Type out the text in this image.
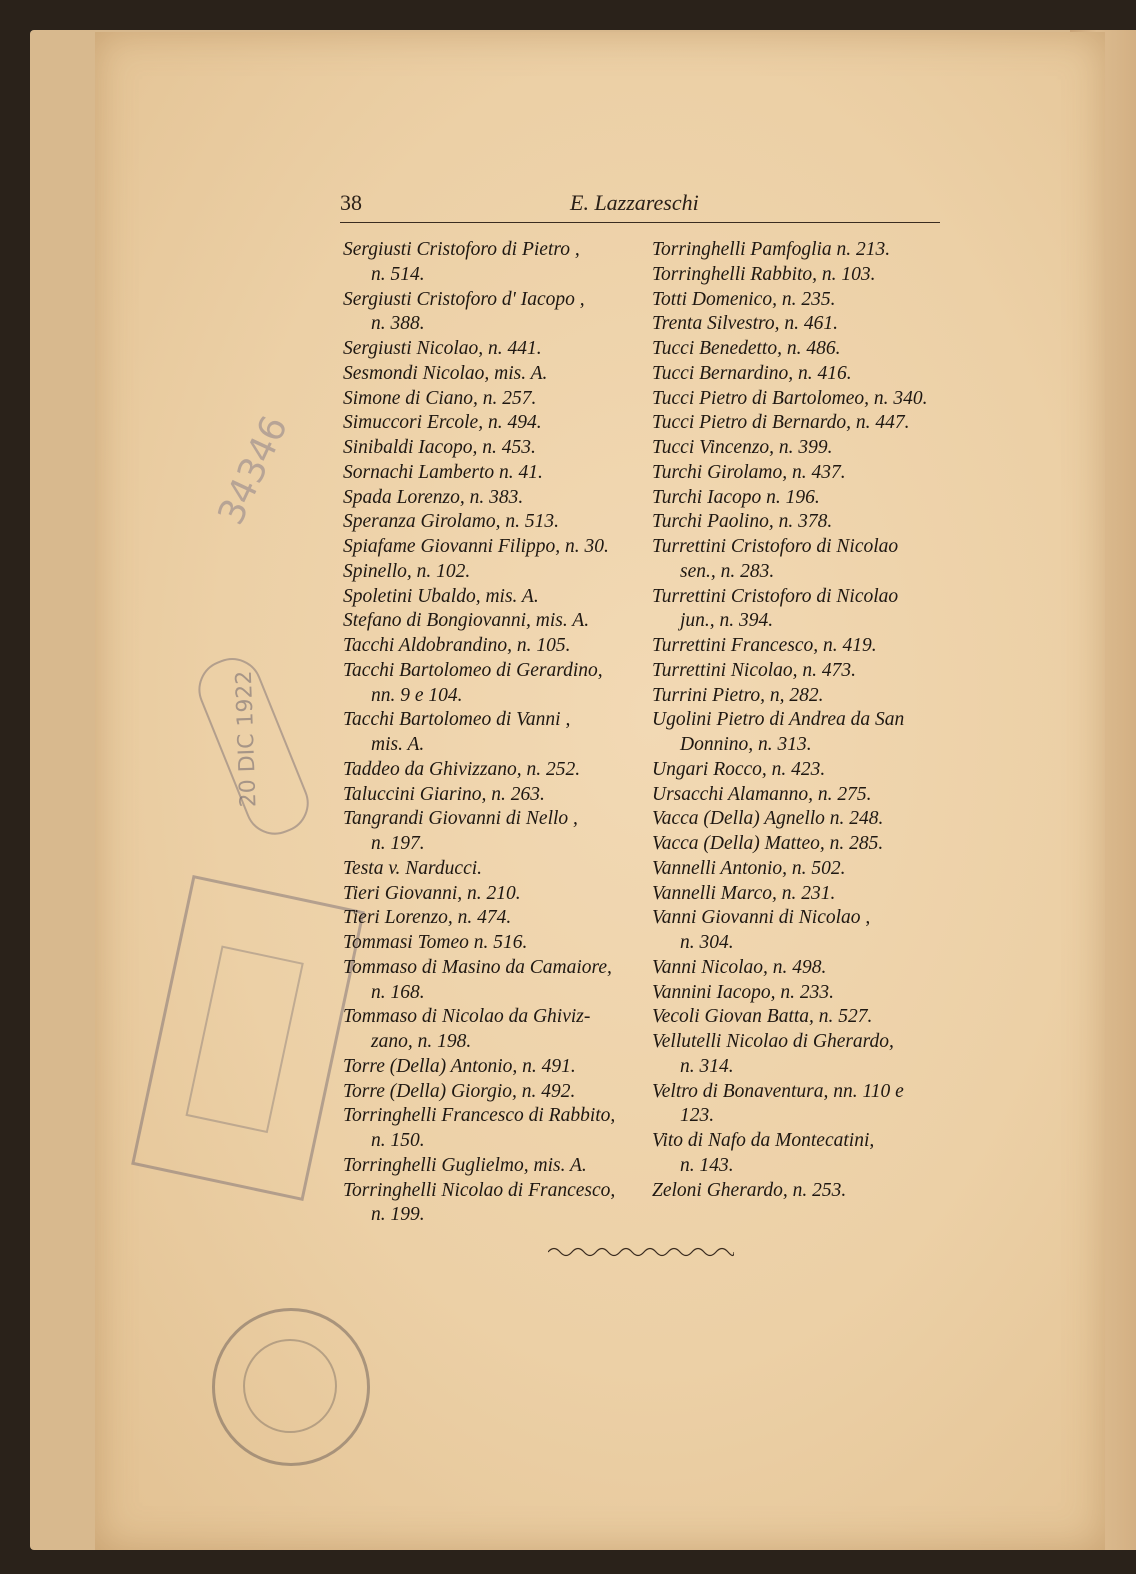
34346
20 DIC 1922
38	E. Lazzareschi
Sergiusti Cristoforo di Pietro ,
n. 514.
Sergiusti Cristoforo d' Iacopo ,
n. 388.
Sergiusti Nicolao, n. 441.
Sesmondi Nicolao, mis. A.
Simone di Ciano, n. 257.
Simuccori Ercole, n. 494.
Sinibaldi Iacopo, n. 453.
Sornachi Lamberto n. 41.
Spada Lorenzo, n. 383.
Speranza Girolamo, n. 513.
Spiafame Giovanni Filippo, n. 30.
Spinello, n. 102.
Spoletini Ubaldo, mis. A.
Stefano di Bongiovanni, mis. A.
Tacchi Aldobrandino, n. 105.
Tacchi Bartolomeo di Gerardino,
nn. 9 e 104.
Tacchi Bartolomeo di Vanni ,
mis. A.
Taddeo da Ghivizzano, n. 252.
Taluccini Giarino, n. 263.
Tangrandi Giovanni di Nello ,
n. 197.
Testa v. Narducci.
Tieri Giovanni, n. 210.
Tieri Lorenzo, n. 474.
Tommasi Tomeo n. 516.
Tommaso di Masino da Camaiore,
n. 168.
Tommaso di Nicolao da Ghiviz-
zano, n. 198.
Torre (Della) Antonio, n. 491.
Torre (Della) Giorgio, n. 492.
Torringhelli Francesco di Rabbito,
n. 150.
Torringhelli Guglielmo, mis. A.
Torringhelli Nicolao di Francesco,
n. 199.
Torringhelli Pamfoglia n. 213.
Torringhelli Rabbito, n. 103.
Totti Domenico, n. 235.
Trenta Silvestro, n. 461.
Tucci Benedetto, n. 486.
Tucci Bernardino, n. 416.
Tucci Pietro di Bartolomeo, n. 340.
Tucci Pietro di Bernardo, n. 447.
Tucci Vincenzo, n. 399.
Turchi Girolamo, n. 437.
Turchi Iacopo n. 196.
Turchi Paolino, n. 378.
Turrettini Cristoforo di Nicolao
sen., n. 283.
Turrettini Cristoforo di Nicolao
jun., n. 394.
Turrettini Francesco, n. 419.
Turrettini Nicolao, n. 473.
Turrini Pietro, n, 282.
Ugolini Pietro di Andrea da San
Donnino, n. 313.
Ungari Rocco, n. 423.
Ursacchi Alamanno, n. 275.
Vacca (Della) Agnello n. 248.
Vacca (Della) Matteo, n. 285.
Vannelli Antonio, n. 502.
Vannelli Marco, n. 231.
Vanni Giovanni di Nicolao ,
n. 304.
Vanni Nicolao, n. 498.
Vannini Iacopo, n. 233.
Vecoli Giovan Batta, n. 527.
Vellutelli Nicolao di Gherardo,
n. 314.
Veltro di Bonaventura, nn. 110 e
123.
Vito di Nafo da Montecatini,
n. 143.
Zeloni Gherardo, n. 253.
